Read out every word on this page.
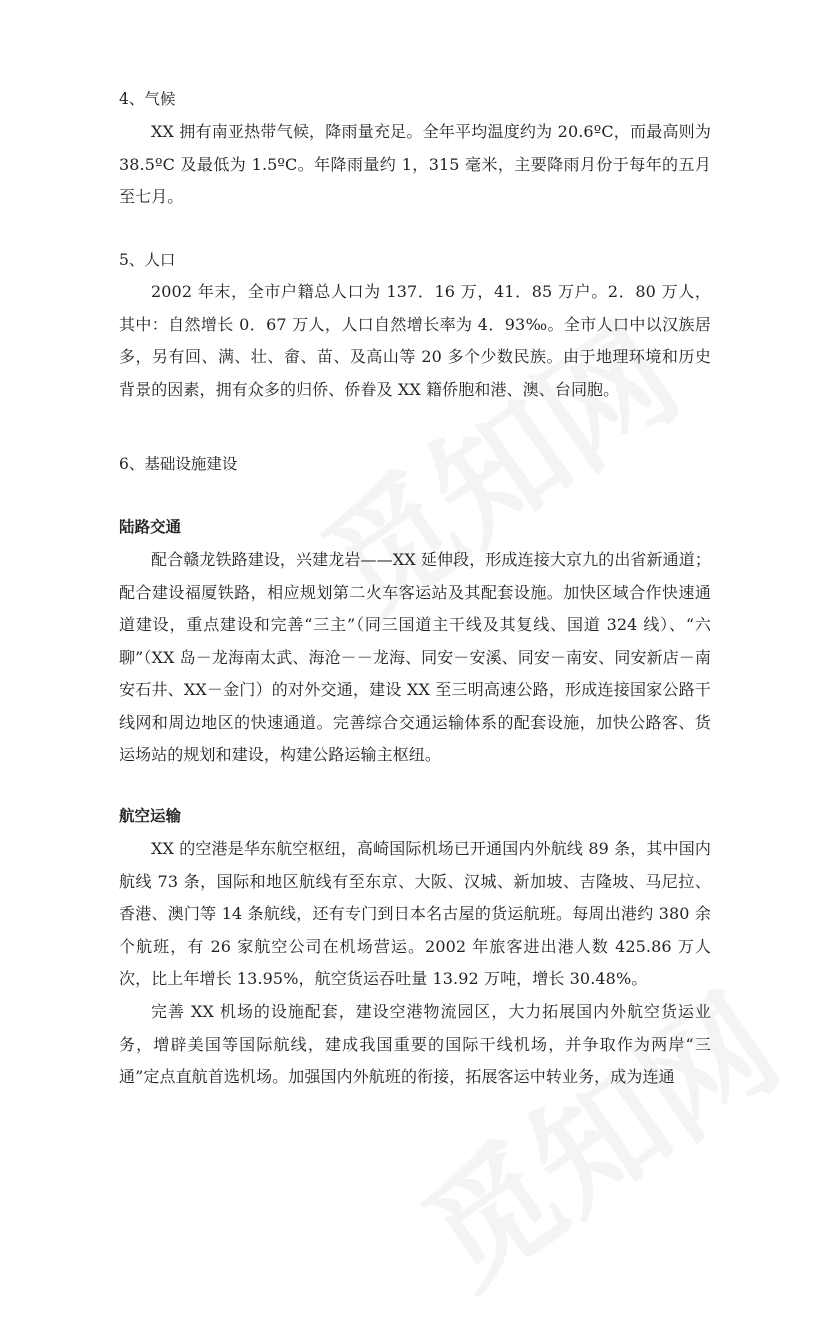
4、气候

XX 拥有南亚热带气候，降雨量充足。全年平均温度约为 20.6ºC，而最高则为 38.5ºC 及最低为 1.5ºC。年降雨量约 1，315 毫米，主要降雨月份于每年的五月至七月。

5、人口

2002 年末，全市户籍总人口为 137．16 万，41．85 万户。2．80 万人，其中：自然增长 0．67 万人，人口自然增长率为 4．93‰。全市人口中以汉族居多，另有回、满、壮、畲、苗、及高山等 20 多个少数民族。由于地理环境和历史背景的因素，拥有众多的归侨、侨眷及 XX 籍侨胞和港、澳、台同胞。

6、基础设施建设

陆路交通

配合赣龙铁路建设，兴建龙岩——XX 延伸段，形成连接大京九的出省新通道；配合建设福厦铁路，相应规划第二火车客运站及其配套设施。加快区域合作快速通道建设，重点建设和完善“三主”（同三国道主干线及其复线、国道 324 线）、“六聊”（XX 岛－龙海南太武、海沧－－龙海、同安－安溪、同安－南安、同安新店－南安石井、XX－金门）的对外交通，建设 XX 至三明高速公路，形成连接国家公路干线网和周边地区的快速通道。完善综合交通运输体系的配套设施，加快公路客、货运场站的规划和建设，构建公路运输主枢纽。

航空运输

XX 的空港是华东航空枢纽，高崎国际机场已开通国内外航线 89 条，其中国内航线 73 条，国际和地区航线有至东京、大阪、汉城、新加坡、吉隆坡、马尼拉、香港、澳门等 14 条航线，还有专门到日本名古屋的货运航班。每周出港约 380 余个航班，有 26 家航空公司在机场营运。2002 年旅客进出港人数 425.86 万人次，比上年增长 13.95%，航空货运吞吐量 13.92 万吨，增长 30.48%。

完善 XX 机场的设施配套，建设空港物流园区，大力拓展国内外航空货运业务，增辟美国等国际航线，建成我国重要的国际干线机场，并争取作为两岸“三通”定点直航首选机场。加强国内外航班的衔接，拓展客运中转业务，成为连通
